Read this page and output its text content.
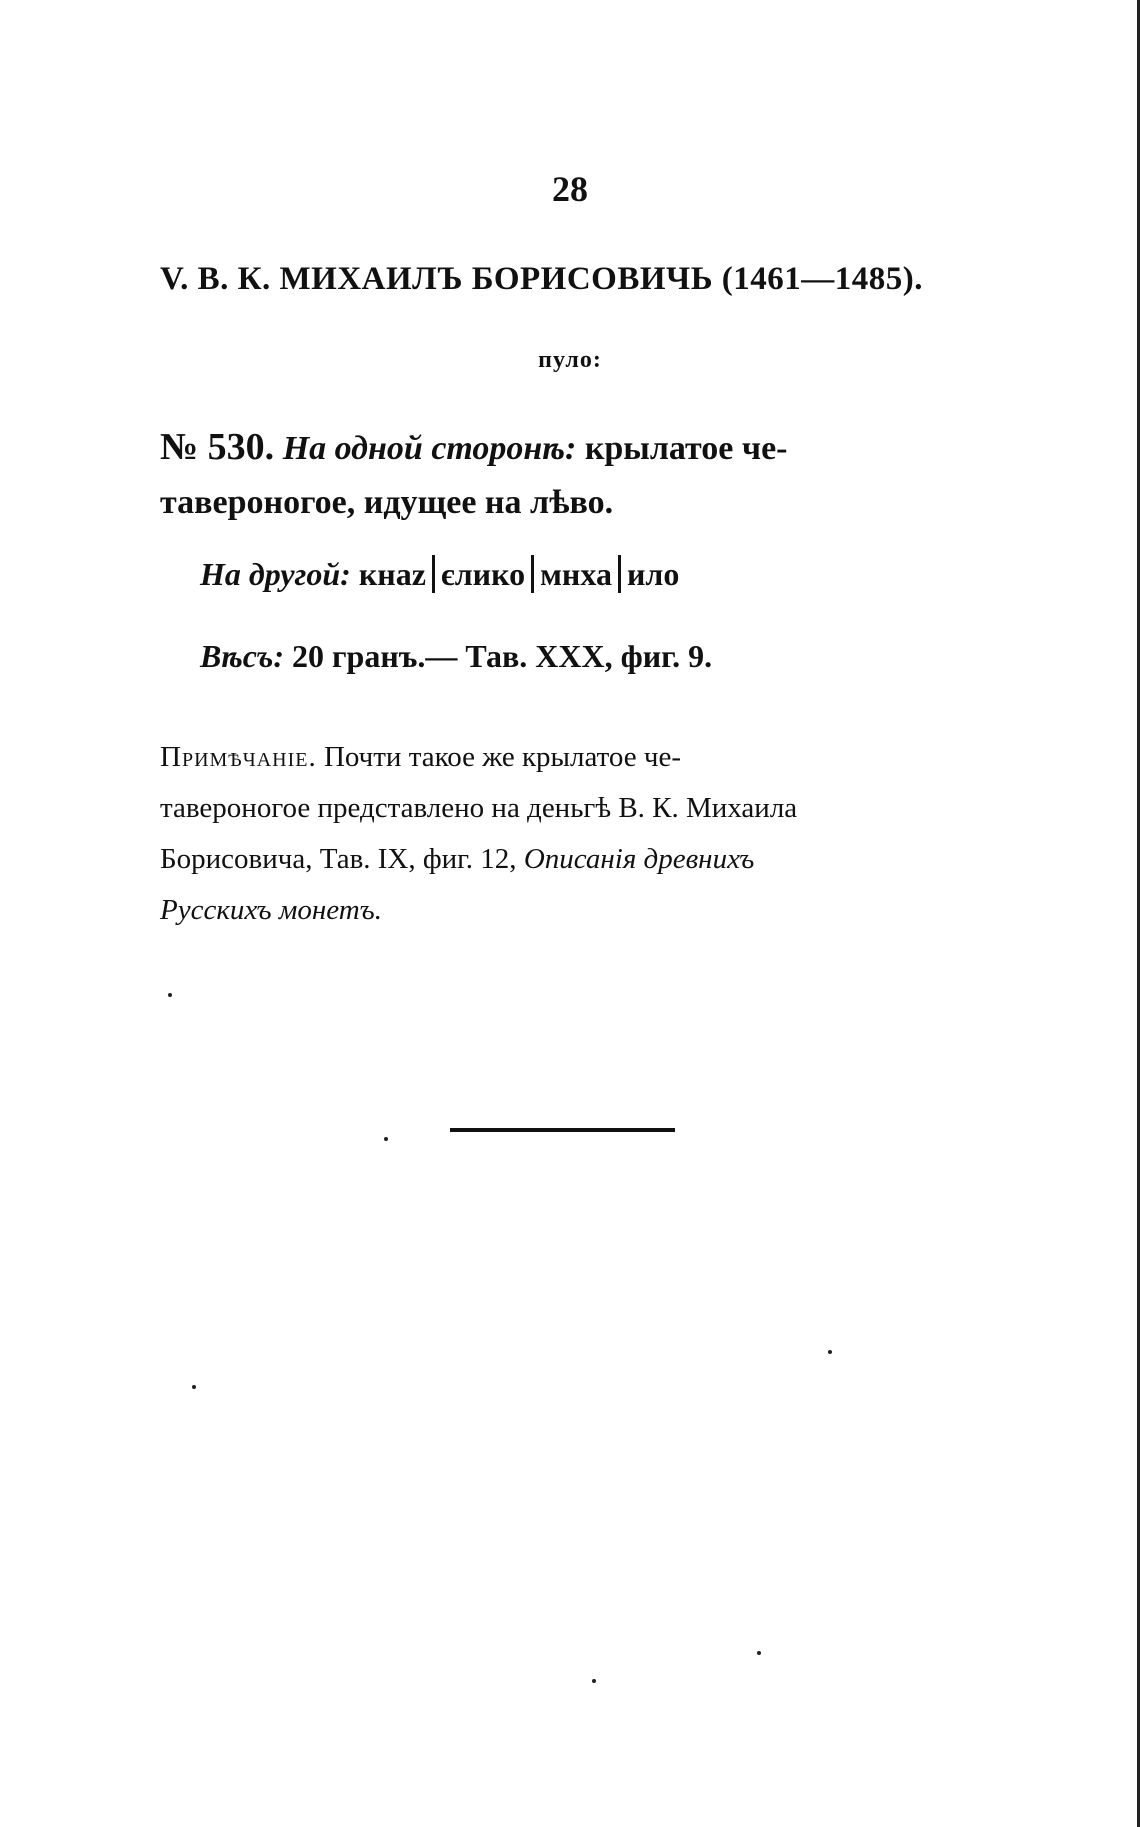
28
V. В. К. МИХАИЛЪ БОРИСОВИЧЬ (1461—1485).
пуло:
№ 530. На одной сторонѣ: крылатое че-
тавероногое, идущее на лѣво.
На другой: кнаz єлико мнха ило
Вѣсъ: 20 гранъ.— Тав. XXX, фиг. 9.
Примѣчаніе. Почти такое же крылатое че-
тавероногое представлено на деньгѣ В. К. Михаила
Борисовича, Тав. IX, фиг. 12, Описанія древнихъ
Русскихъ монетъ.
